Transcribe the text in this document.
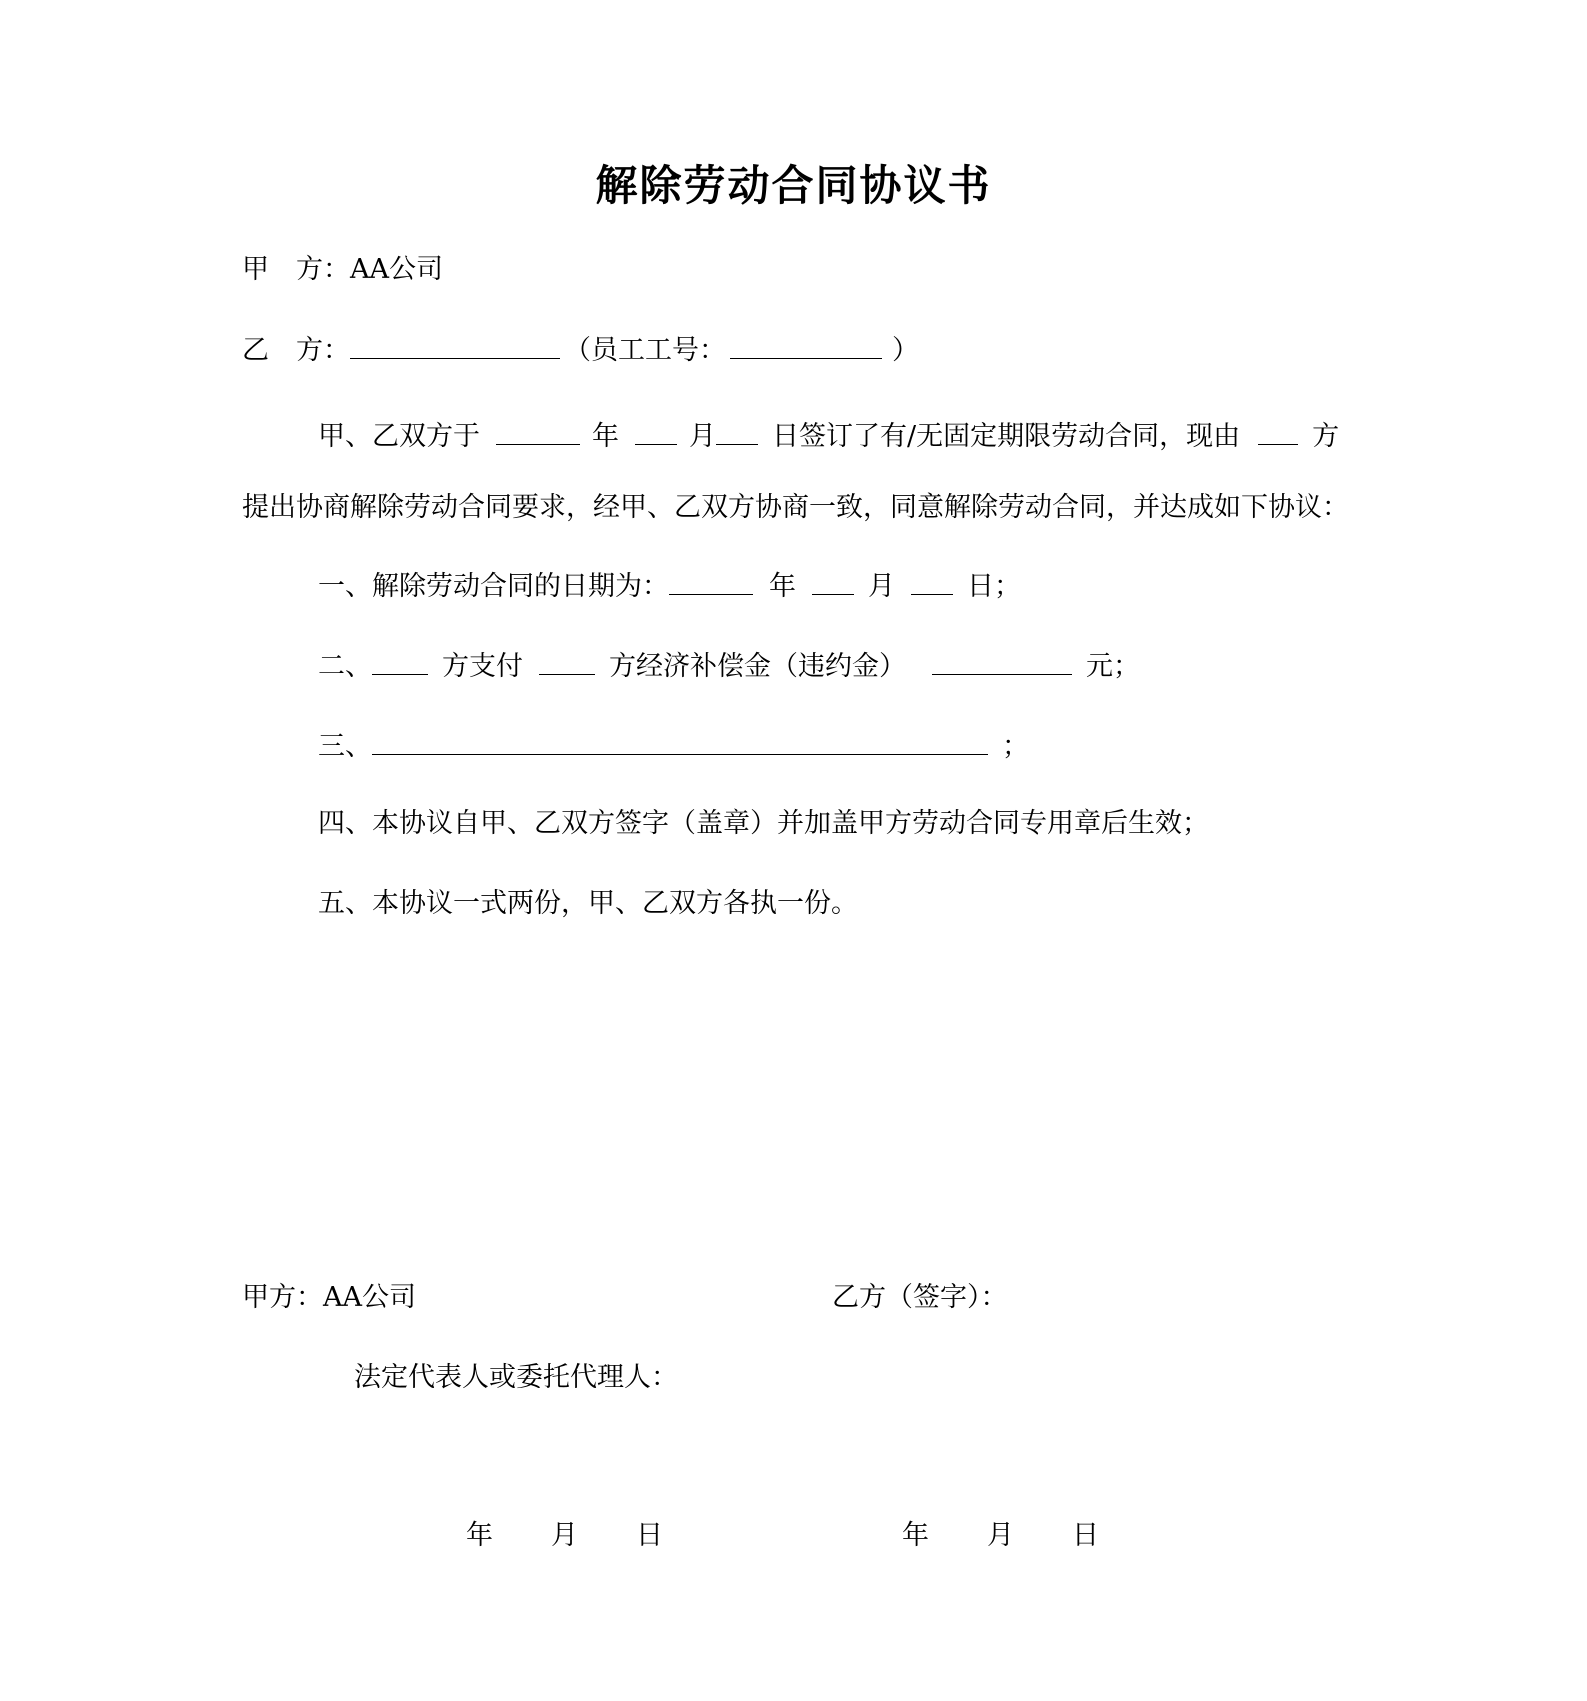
解除劳动合同协议书
甲　方：AA公司
乙　方：	（员工工号：	）
甲、乙双方于	年	月 日签订了有/无固定期限劳动合同，现由	方
提出协商解除劳动合同要求，经甲、乙双方协商一致，同意解除劳动合同，并达成如下协议：
一、解除劳动合同的日期为：	年	月	日；
二、	方支付	方经济补偿金（违约金）	元；
三、	；
四、本协议自甲、乙双方签字（盖章）并加盖甲方劳动合同专用章后生效；
五、本协议一式两份，甲、乙双方各执一份。
甲方：AA公司	乙方（签字）：
法定代表人或委托代理人：
年 月 日	年 月 日
